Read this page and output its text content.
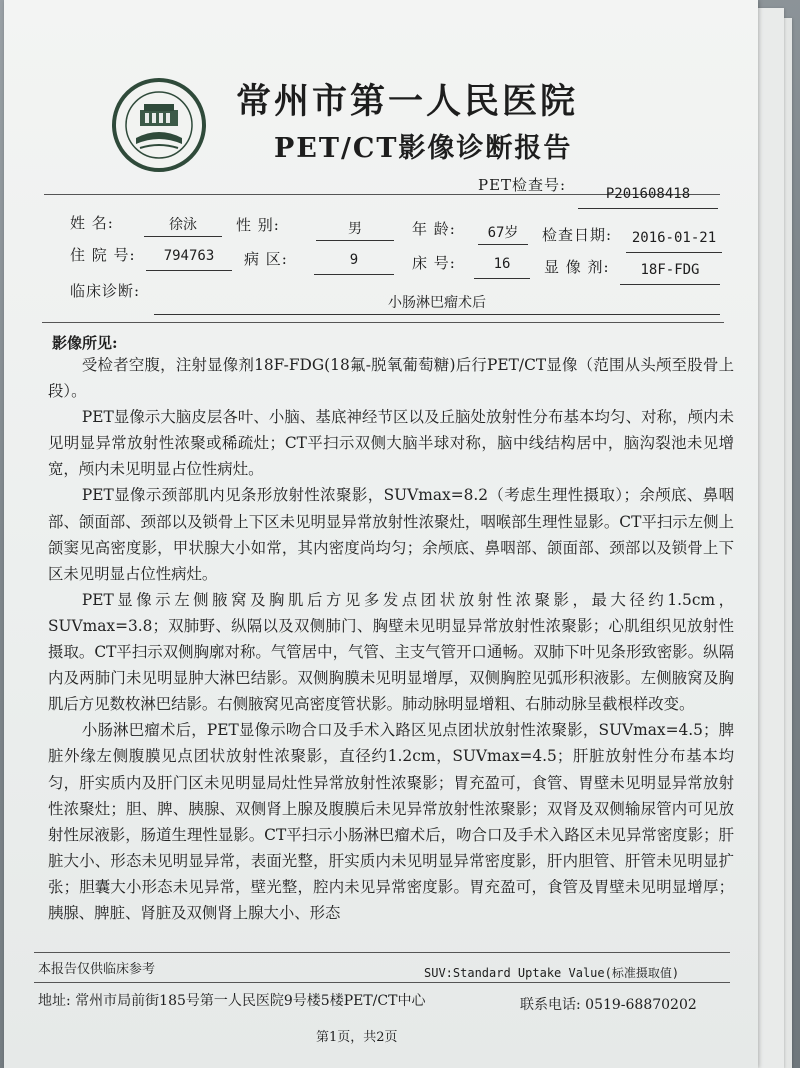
常州市第一人民医院
PET/CT影像诊断报告
PET检查号:	P201608418
姓 名:	徐泳	性 别:	男	年 龄:	67岁	检查日期:	2016-01-21
住 院 号:	794763	病 区:	9	床 号:	16	显 像 剂:	18F-FDG
临床诊断:
小肠淋巴瘤术后
影像所见:

受检者空腹，注射显像剂18F-FDG(18氟-脱氧葡萄糖)后行PET/CT显像（范围从头颅至股骨上段）。

PET显像示大脑皮层各叶、小脑、基底神经节区以及丘脑处放射性分布基本均匀、对称，颅内未见明显异常放射性浓聚或稀疏灶；CT平扫示双侧大脑半球对称，脑中线结构居中，脑沟裂池未见增宽，颅内未见明显占位性病灶。

PET显像示颈部肌内见条形放射性浓聚影，SUVmax=8.2（考虑生理性摄取）；余颅底、鼻咽部、颌面部、颈部以及锁骨上下区未见明显异常放射性浓聚灶，咽喉部生理性显影。CT平扫示左侧上颌窦见高密度影，甲状腺大小如常，其内密度尚均匀；余颅底、鼻咽部、颌面部、颈部以及锁骨上下区未见明显占位性病灶。

PET显像示左侧腋窝及胸肌后方见多发点团状放射性浓聚影，最大径约1.5cm，SUVmax=3.8；双肺野、纵隔以及双侧肺门、胸壁未见明显异常放射性浓聚影；心肌组织见放射性摄取。CT平扫示双侧胸廓对称。气管居中，气管、主支气管开口通畅。双肺下叶见条形致密影。纵隔内及两肺门未见明显肿大淋巴结影。双侧胸膜未见明显增厚，双侧胸腔见弧形积液影。左侧腋窝及胸肌后方见数枚淋巴结影。右侧腋窝见高密度管状影。肺动脉明显增粗、右肺动脉呈截根样改变。

小肠淋巴瘤术后，PET显像示吻合口及手术入路区见点团状放射性浓聚影，SUVmax=4.5；脾脏外缘左侧腹膜见点团状放射性浓聚影，直径约1.2cm，SUVmax=4.5；肝脏放射性分布基本均匀，肝实质内及肝门区未见明显局灶性异常放射性浓聚影；胃充盈可，食管、胃壁未见明显异常放射性浓聚灶；胆、脾、胰腺、双侧肾上腺及腹膜后未见异常放射性浓聚影；双肾及双侧输尿管内可见放射性尿液影，肠道生理性显影。CT平扫示小肠淋巴瘤术后，吻合口及手术入路区未见异常密度影；肝脏大小、形态未见明显异常，表面光整，肝实质内未见明显异常密度影，肝内胆管、肝管未见明显扩张；胆囊大小形态未见异常，壁光整，腔内未见异常密度影。胃充盈可，食管及胃壁未见明显增厚；胰腺、脾脏、肾脏及双侧肾上腺大小、形态

本报告仅供临床参考	SUV:Standard Uptake Value(标准摄取值)
地址: 常州市局前街185号第一人民医院9号楼5楼PET/CT中心	联系电话: 0519-68870202
第1页，共2页
